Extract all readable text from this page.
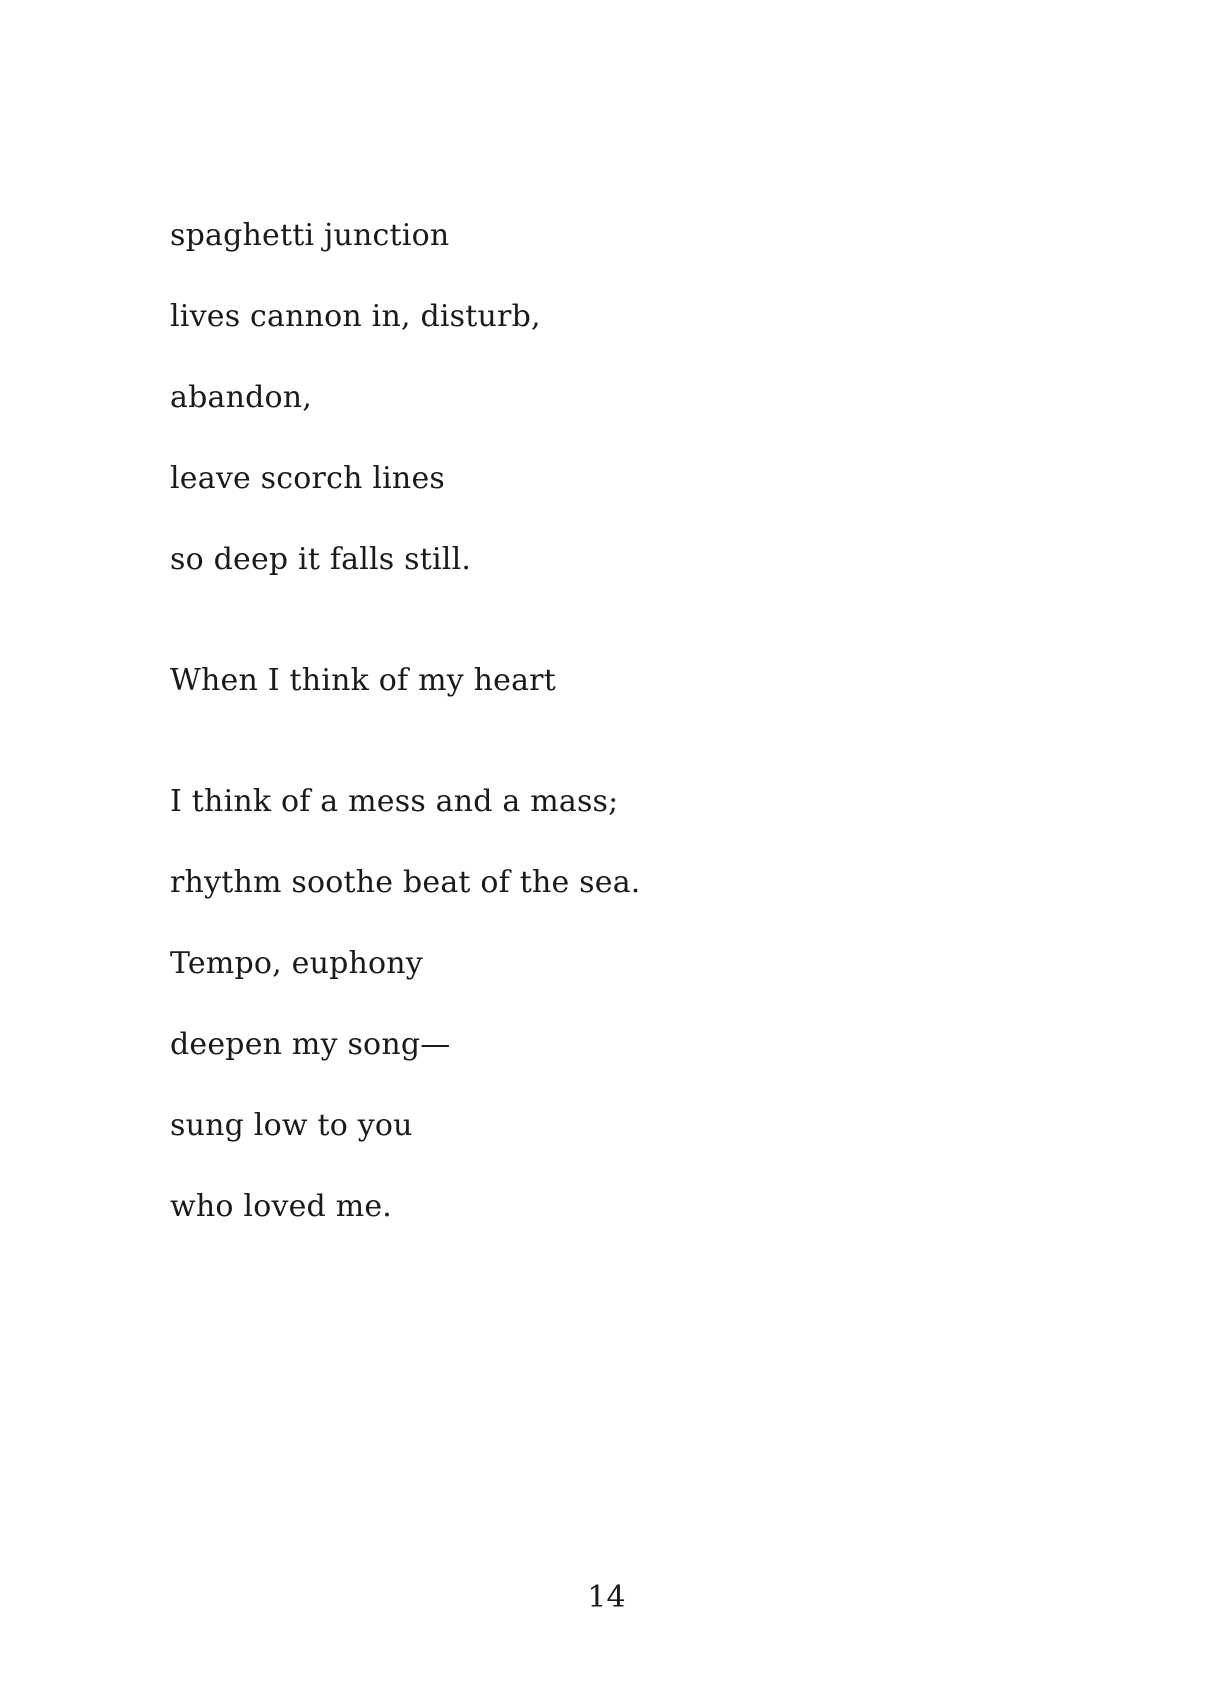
spaghetti junction
lives cannon in, disturb,
abandon,
leave scorch lines
so deep it falls still.
When I think of my heart
I think of a mess and a mass;
rhythm soothe beat of the sea.
Tempo, euphony
deepen my song—
sung low to you
who loved me.
14
